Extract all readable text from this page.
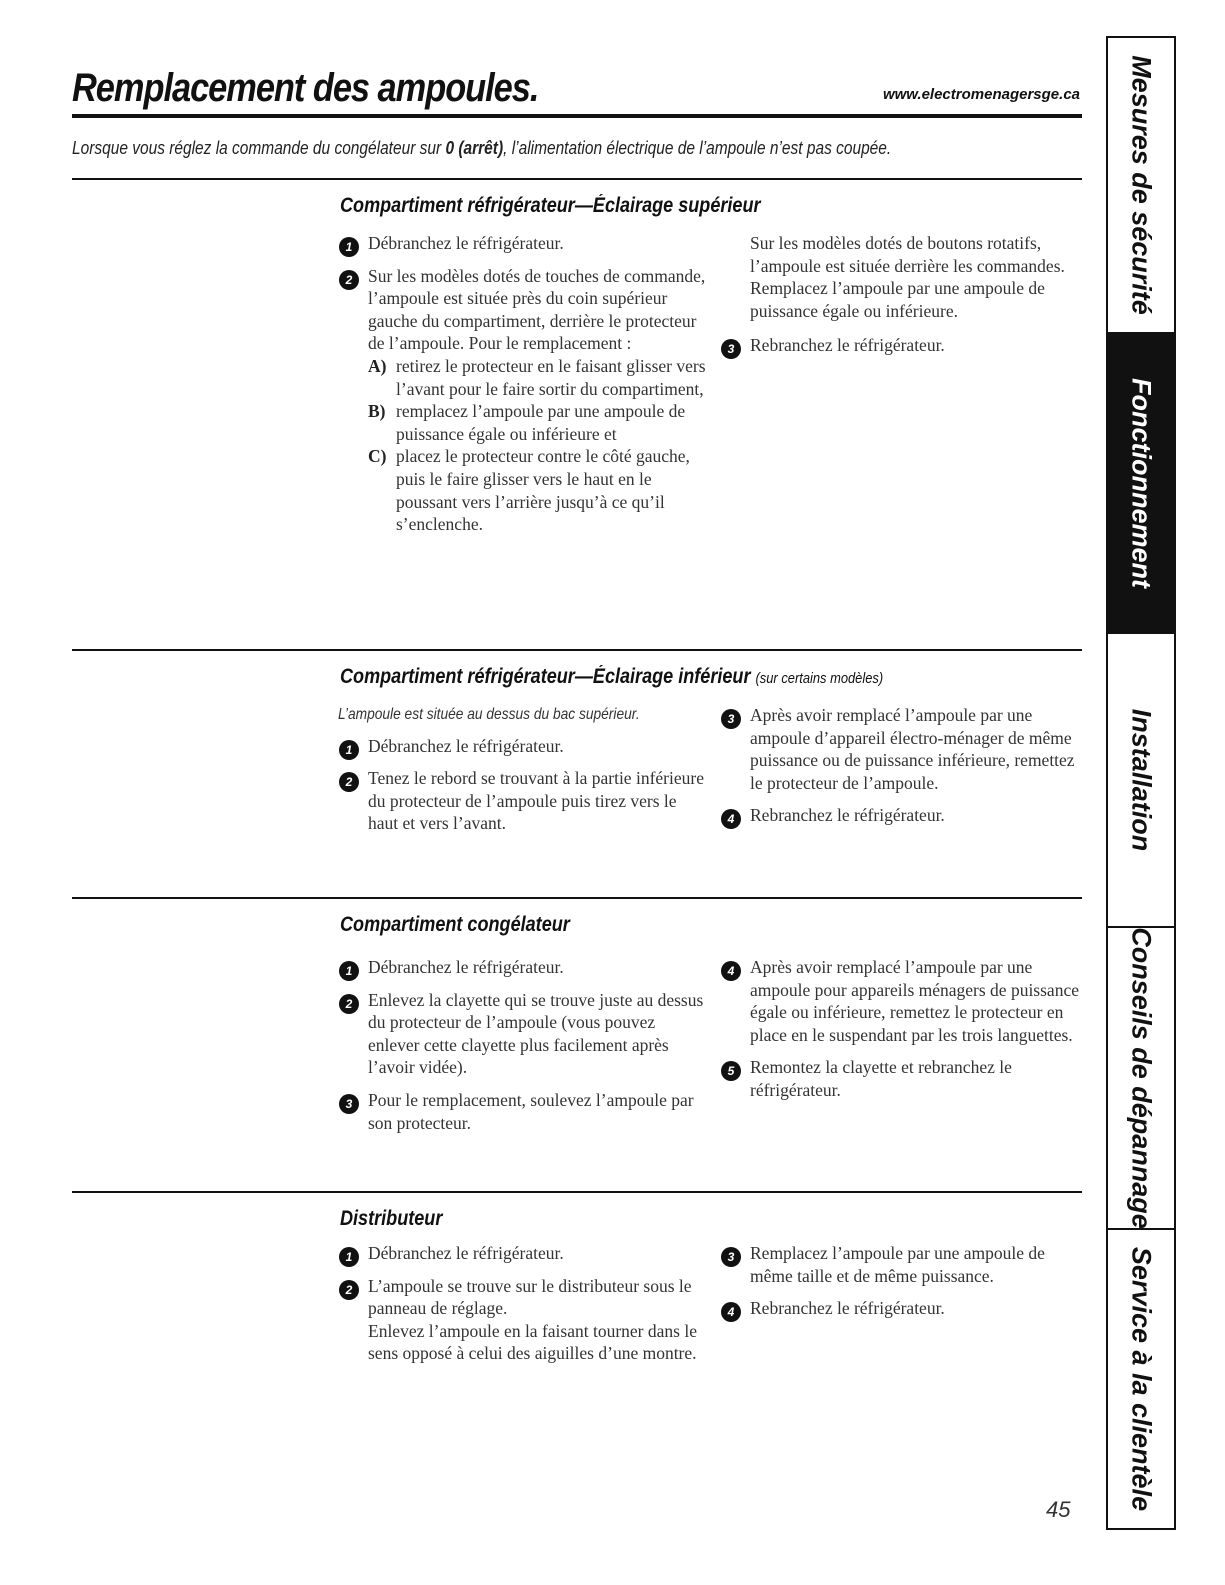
Remplacement des ampoules.	www.electromenagersge.ca
Lorsque vous réglez la commande du congélateur sur 0 (arrêt), l’alimentation électrique de l’ampoule n’est pas coupée.
Compartiment réfrigérateur—Éclairage supérieur
1 Débranchez le réfrigérateur.
2 Sur les modèles dotés de touches de commande, l’ampoule est située près du coin supérieur gauche du compartiment, derrière le protecteur de l’ampoule. Pour le remplacement :
A) retirez le protecteur en le faisant glisser vers l’avant pour le faire sortir du compartiment,
B) remplacez l’ampoule par une ampoule de puissance égale ou inférieure et
C) placez le protecteur contre le côté gauche, puis le faire glisser vers le haut en le poussant vers l’arrière jusqu’à ce qu’il s’enclenche.
Sur les modèles dotés de boutons rotatifs, l’ampoule est située derrière les commandes. Remplacez l’ampoule par une ampoule de puissance égale ou inférieure.
3 Rebranchez le réfrigérateur.
Compartiment réfrigérateur—Éclairage inférieur (sur certains modèles)
L’ampoule est située au dessus du bac supérieur.
1 Débranchez le réfrigérateur.
2 Tenez le rebord se trouvant à la partie inférieure du protecteur de l’ampoule puis tirez vers le haut et vers l’avant.
3 Après avoir remplacé l’ampoule par une ampoule d’appareil électro-ménager de même puissance ou de puissance inférieure, remettez le protecteur de l’ampoule.
4 Rebranchez le réfrigérateur.
Compartiment congélateur
1 Débranchez le réfrigérateur.
2 Enlevez la clayette qui se trouve juste au dessus du protecteur de l’ampoule (vous pouvez enlever cette clayette plus facilement après l’avoir vidée).
3 Pour le remplacement, soulevez l’ampoule par son protecteur.
4 Après avoir remplacé l’ampoule par une ampoule pour appareils ménagers de puissance égale ou inférieure, remettez le protecteur en place en le suspendant par les trois languettes.
5 Remontez la clayette et rebranchez le réfrigérateur.
Distributeur
1 Débranchez le réfrigérateur.
2 L’ampoule se trouve sur le distributeur sous le panneau de réglage.
Enlevez l’ampoule en la faisant tourner dans le sens opposé à celui des aiguilles d’une montre.
3 Remplacez l’ampoule par une ampoule de même taille et de même puissance.
4 Rebranchez le réfrigérateur.
Mesures de sécurité
Fonctionnement
Installation
Conseils de dépannage
Service à la clientèle
45
